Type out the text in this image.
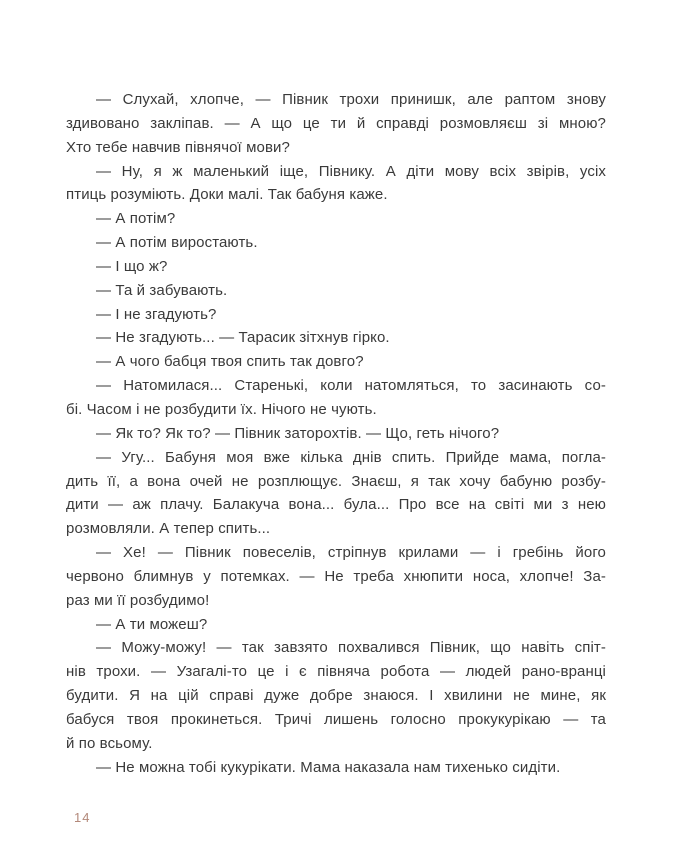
— Слухай, хлопче, — Півник трохи принишк, але раптом знову
здивовано закліпав. — А що це ти й справді розмовляєш зі мною?
Хто тебе навчив півнячої мови?
— Ну, я ж маленький іще, Півнику. А діти мову всіх звірів, усіх
птиць розуміють. Доки малі. Так бабуня каже.
— А потім?
— А потім виростають.
— І що ж?
— Та й забувають.
— І не згадують?
— Не згадують... — Тарасик зітхнув гірко.
— А чого бабця твоя спить так довго?
— Натомилася... Старенькі, коли натомляться, то засинають со-
бі. Часом і не розбудити їх. Нічого не чують.
— Як то? Як то? — Півник заторохтів. — Що, геть нічого?
— Угу... Бабуня моя вже кілька днів спить. Прийде мама, погла-
дить її, а вона очей не розплющує. Знаєш, я так хочу бабуню розбу-
дити — аж плачу. Балакуча вона... була... Про все на світі ми з нею
розмовляли. А тепер спить...
— Хе! — Півник повеселів, стріпнув крилами — і гребінь його
червоно блимнув у потемках. — Не треба хнюпити носа, хлопче! За-
раз ми її розбудимо!
— А ти можеш?
— Можу-можу! — так завзято похвалився Півник, що навіть спіт-
нів трохи. — Узагалі-то це і є півняча робота — людей рано-вранці
будити. Я на цій справі дуже добре знаюся. І хвилини не мине, як
бабуся твоя прокинеться. Тричі лишень голосно прокукурікаю — та
й по всьому.
— Не можна тобі кукурікати. Мама наказала нам тихенько сидіти.
14
